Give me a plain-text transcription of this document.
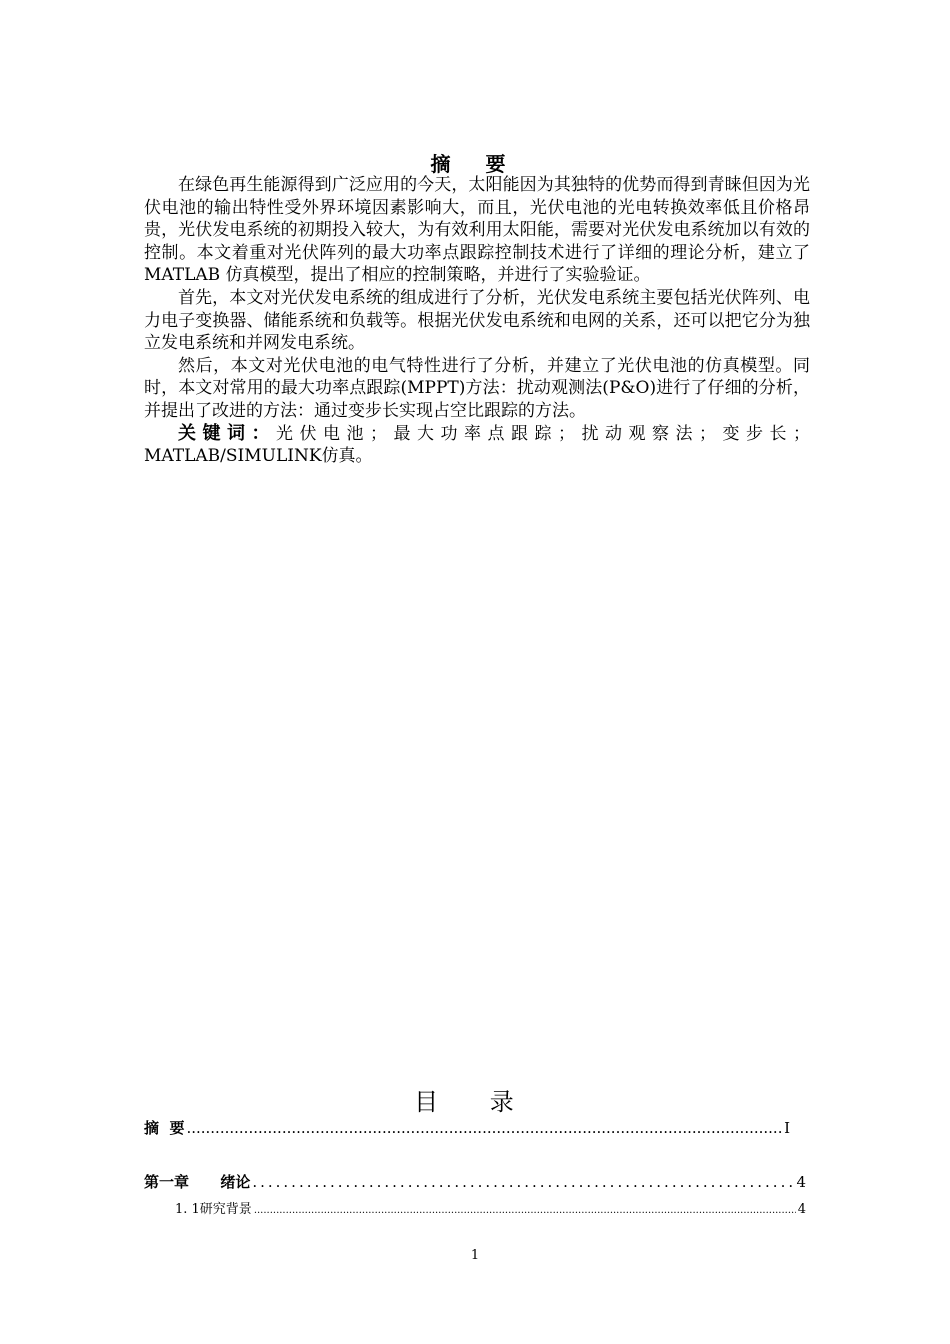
摘 要

在绿色再生能源得到广泛应用的今天，太阳能因为其独特的优势而得到青睐但因为光伏电池的输出特性受外界环境因素影响大，而且，光伏电池的光电转换效率低且价格昂贵，光伏发电系统的初期投入较大，为有效利用太阳能，需要对光伏发电系统加以有效的控制。本文着重对光伏阵列的最大功率点跟踪控制技术进行了详细的理论分析，建立了MATLAB 仿真模型，提出了相应的控制策略，并进行了实验验证。

首先，本文对光伏发电系统的组成进行了分析，光伏发电系统主要包括光伏阵列、电力电子变换器、储能系统和负载等。根据光伏发电系统和电网的关系，还可以把它分为独立发电系统和并网发电系统。

然后，本文对光伏电池的电气特性进行了分析，并建立了光伏电池的仿真模型。同时，本文对常用的最大功率点跟踪(MPPT)方法：扰动观测法(P&O)进行了仔细的分析，并提出了改进的方法：通过变步长实现占空比跟踪的方法。

关键词：光伏电池；最大功率点跟踪；扰动观察法；变步长；MATLAB/SIMULINK仿真。

目 录
摘  要 .....	I
第一章      绪论 .....	4
1. 1研究背景 .....	4
1
